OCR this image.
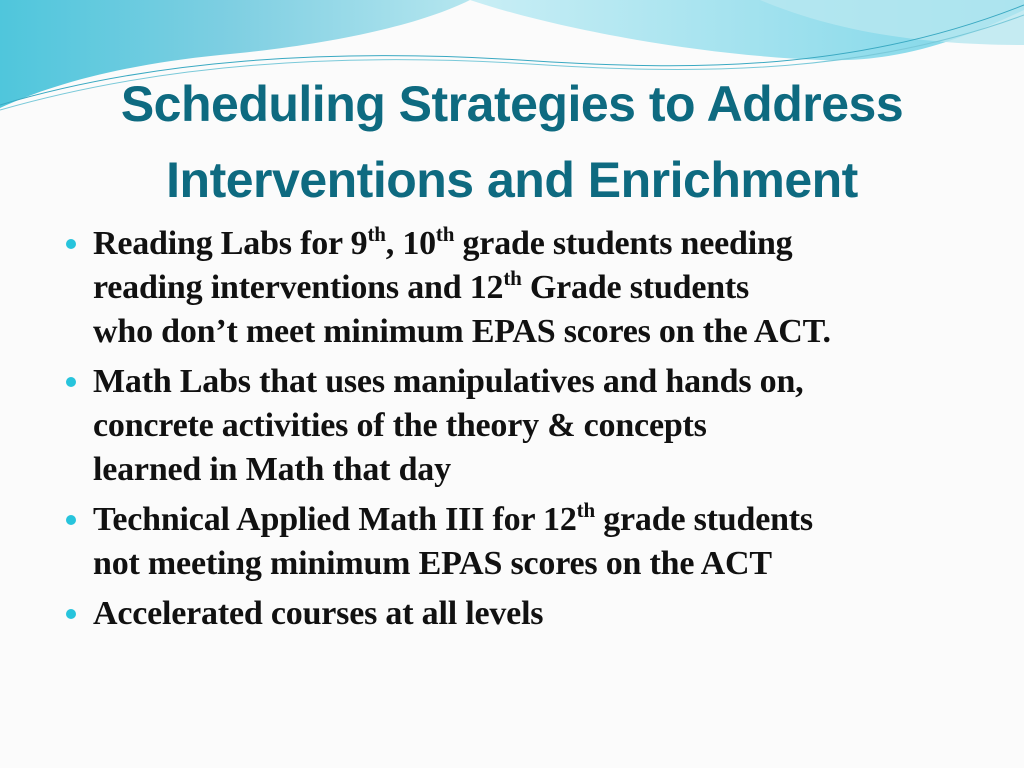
Scheduling Strategies to Address
Interventions and Enrichment
Reading Labs for 9th, 10th grade students needing
reading interventions and 12th Grade students
who don’t meet minimum EPAS scores on the ACT.
Math Labs that uses manipulatives and hands on,
concrete activities of the theory & concepts
learned in Math that day
Technical Applied Math III for 12th grade students
not meeting minimum EPAS scores on the ACT
Accelerated courses at all levels
